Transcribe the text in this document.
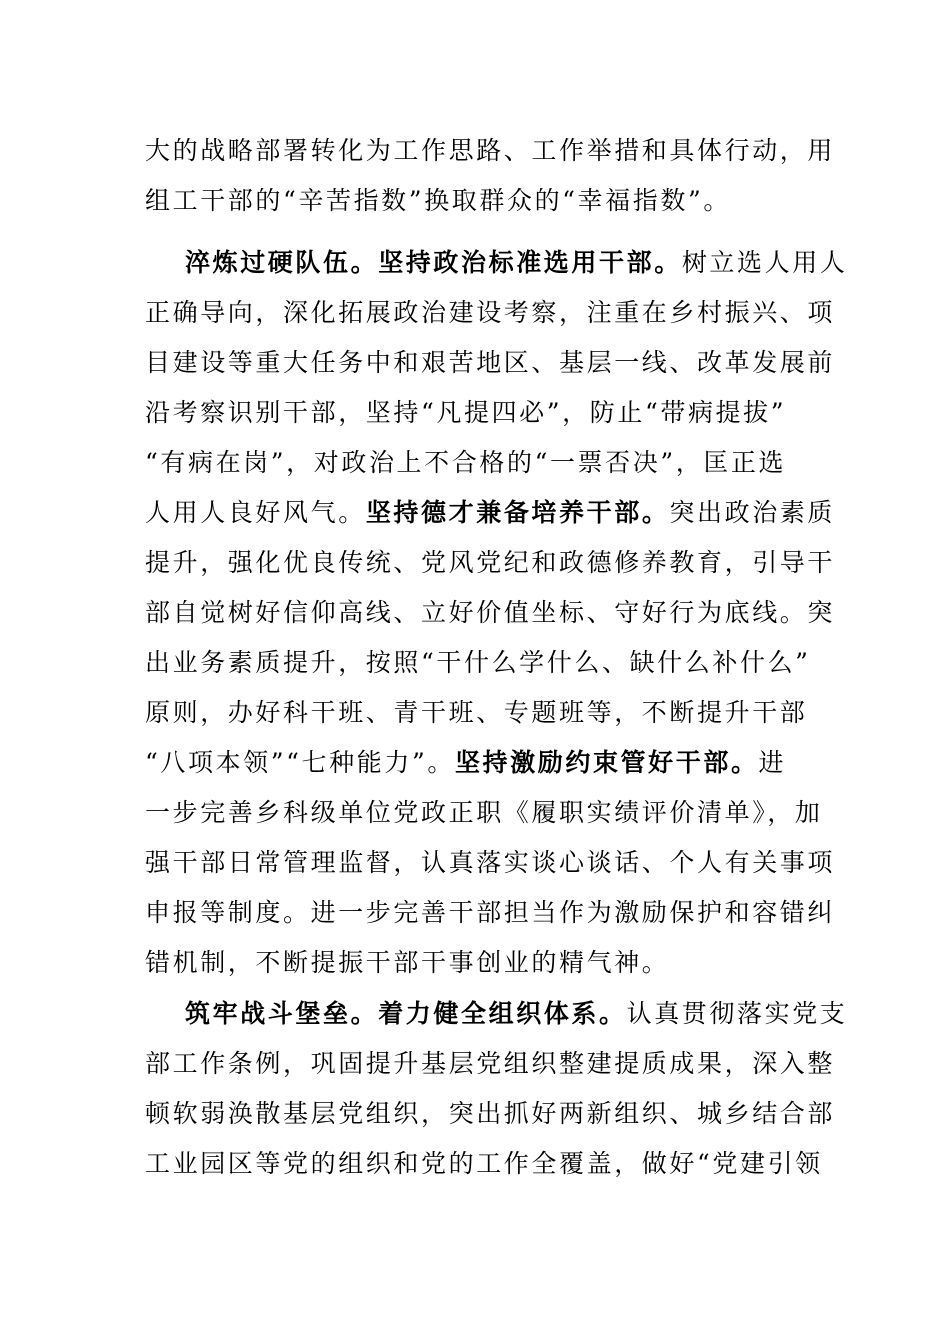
大的战略部署转化为工作思路、工作举措和具体行动，用
组工干部的“辛苦指数”换取群众的“幸福指数”。
淬炼过硬队伍。坚持政治标准选用干部。树立选人用人
正确导向，深化拓展政治建设考察，注重在乡村振兴、项
目建设等重大任务中和艰苦地区、基层一线、改革发展前
沿考察识别干部，坚持“凡提四必”，防止“带病提拔”
“有病在岗”，对政治上不合格的“一票否决”，匡正选
人用人良好风气。坚持德才兼备培养干部。突出政治素质
提升，强化优良传统、党风党纪和政德修养教育，引导干
部自觉树好信仰高线、立好价值坐标、守好行为底线。突
出业务素质提升，按照“干什么学什么、缺什么补什么”
原则，办好科干班、青干班、专题班等，不断提升干部
“八项本领”“七种能力”。坚持激励约束管好干部。进
一步完善乡科级单位党政正职《履职实绩评价清单》，加
强干部日常管理监督，认真落实谈心谈话、个人有关事项
申报等制度。进一步完善干部担当作为激励保护和容错纠
错机制，不断提振干部干事创业的精气神。
筑牢战斗堡垒。着力健全组织体系。认真贯彻落实党支
部工作条例，巩固提升基层党组织整建提质成果，深入整
顿软弱涣散基层党组织，突出抓好两新组织、城乡结合部
工业园区等党的组织和党的工作全覆盖，做好“党建引领
